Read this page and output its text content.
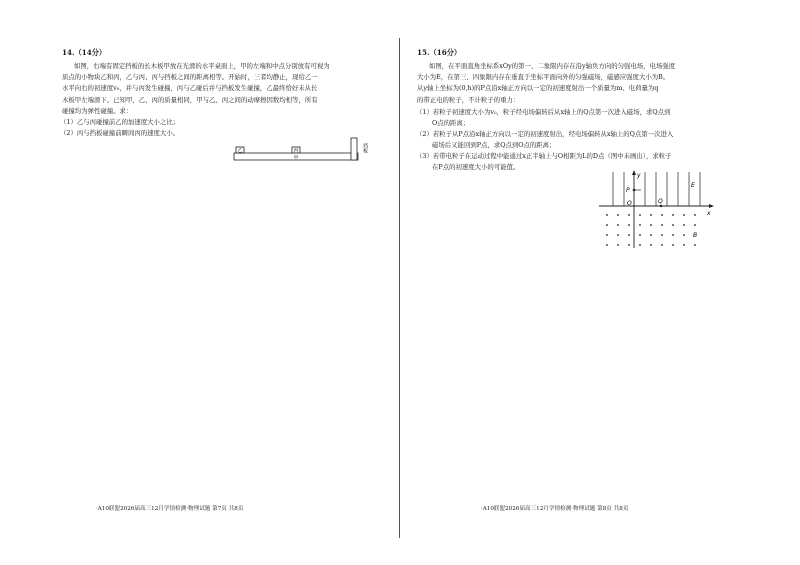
14.（14分）

如图，右端有固定挡板的长木板甲放在光滑的水平桌面上，甲的左端和中点分别放有可视为

质点的小物块乙和丙，乙与丙、丙与挡板之间的距离相等。开始时，三者均静止，现给乙一

水平向右的初速度v₀，并与丙发生碰撞，丙与乙碰后并与挡板发生碰撞，乙最终恰好未从长

木板甲左端滑下。已知甲、乙、丙的质量相同，甲与乙、丙之间的动摩擦因数均相等，所有

碰撞均为弹性碰撞。求：

（1）乙与丙碰撞前乙的加速度大小之比；
（2）丙与挡板碰撞前瞬间丙的速度大小。
乙	丙
甲
挡板
·A10联盟2026届高三12月学情检测·物理试题 第7页 共8页
15.（16分）

如图，在平面直角坐标系xOy的第一、二象限内存在沿y轴负方向的匀强电场，电场强度

大小为E，在第三、四象限内存在垂直于坐标平面向外的匀强磁场，磁感应强度大小为B。

从y轴上坐标为(0,h)的P点沿x轴正方向以一定的初速度射出一个质量为m、电荷量为q

的带正电的粒子，不计粒子的重力：

（1）若粒子初速度大小为v₀，粒子经电场偏转后从x轴上的Q点第一次进入磁场，求Q点到
O点的距离；
（2）若粒子从P点沿x轴正方向以一定的初速度射出，经电场偏转从x轴上的Q点第一次进入
磁场后又能回到P点，求Q点到O点的距离；
（3）若带电粒子在运动过程中能通过x正半轴上与O相距为L的D点（图中未画出），求粒子
在P点的初速度大小的可能值。
y
x
O
P
Q
E
B
·A10联盟2026届高三12月学情检测·物理试题 第8页 共8页
